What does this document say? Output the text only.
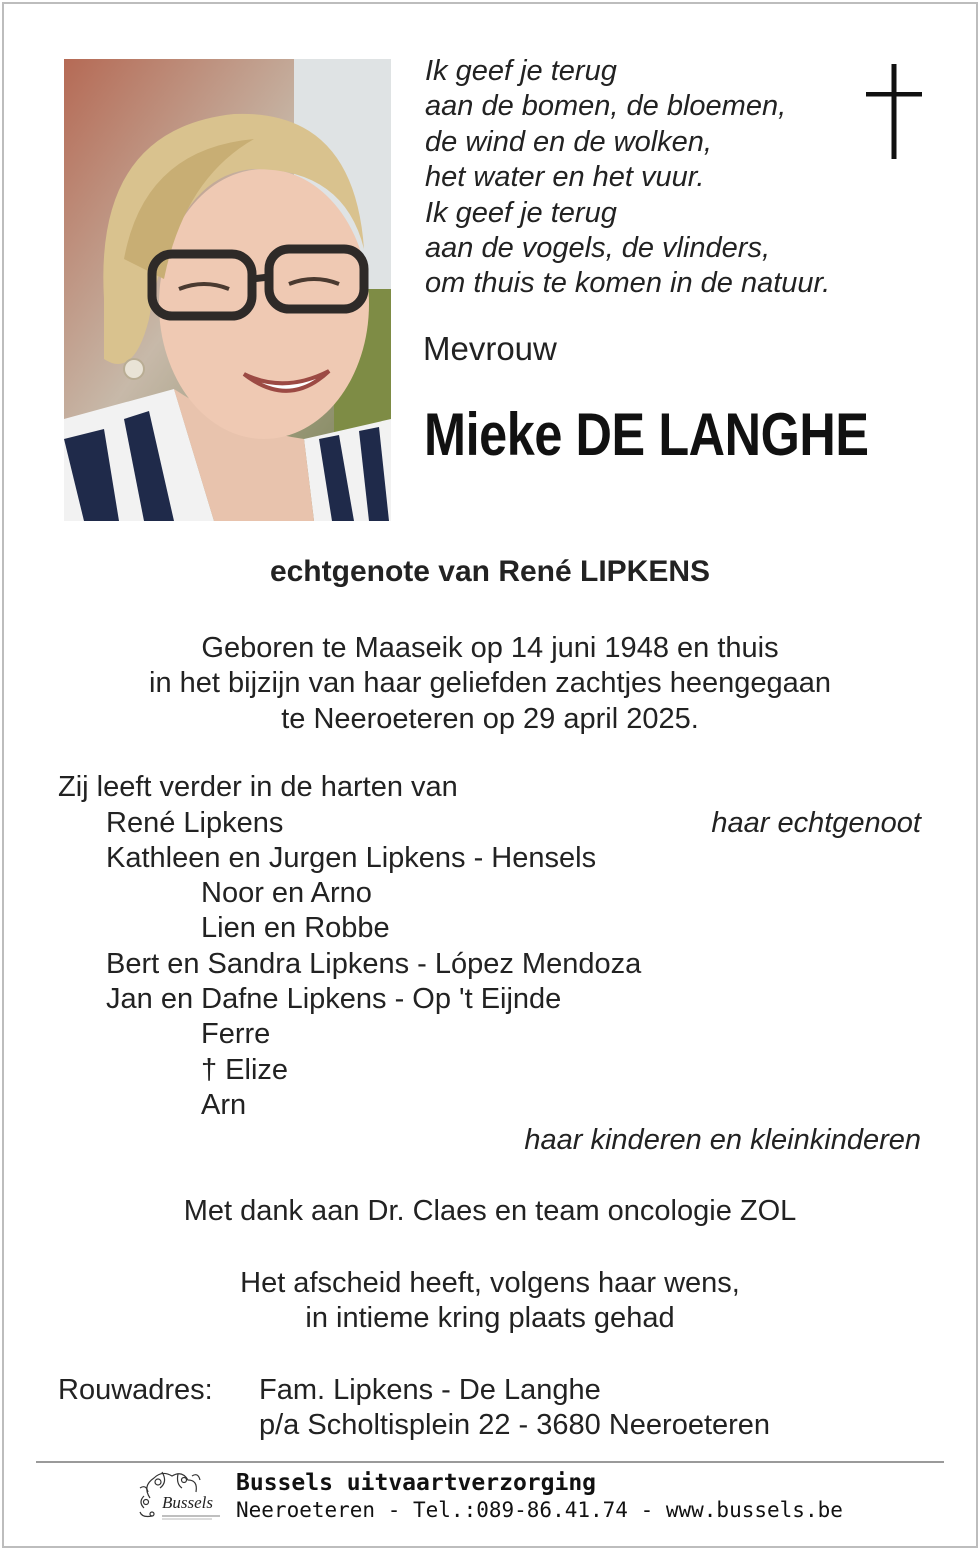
Ik geef je terug
aan de bomen, de bloemen,
de wind en de wolken,
het water en het vuur.
Ik geef je terug
aan de vogels, de vlinders,
om thuis te komen in de natuur.
Mevrouw
Mieke DE LANGHE
echtgenote van René LIPKENS
Geboren te Maaseik op 14 juni 1948 en thuis
in het bijzijn van haar geliefden zachtjes heengegaan
te Neeroeteren op 29 april 2025.
Zij leeft verder in de harten van
René Lipkens	haar echtgenoot
Kathleen en Jurgen Lipkens - Hensels
Noor en Arno
Lien en Robbe
Bert en Sandra Lipkens - López Mendoza
Jan en Dafne Lipkens - Op 't Eijnde
Ferre
† Elize
Arn
haar kinderen en kleinkinderen
Met dank aan Dr. Claes en team oncologie ZOL
Het afscheid heeft, volgens haar wens,
in intieme kring plaats gehad
Rouwadres: Fam. Lipkens - De Langhe
p/a Scholtisplein 22 - 3680 Neeroeteren
Bussels
Bussels uitvaartverzorging
Neeroeteren - Tel.:089-86.41.74 - www.bussels.be
